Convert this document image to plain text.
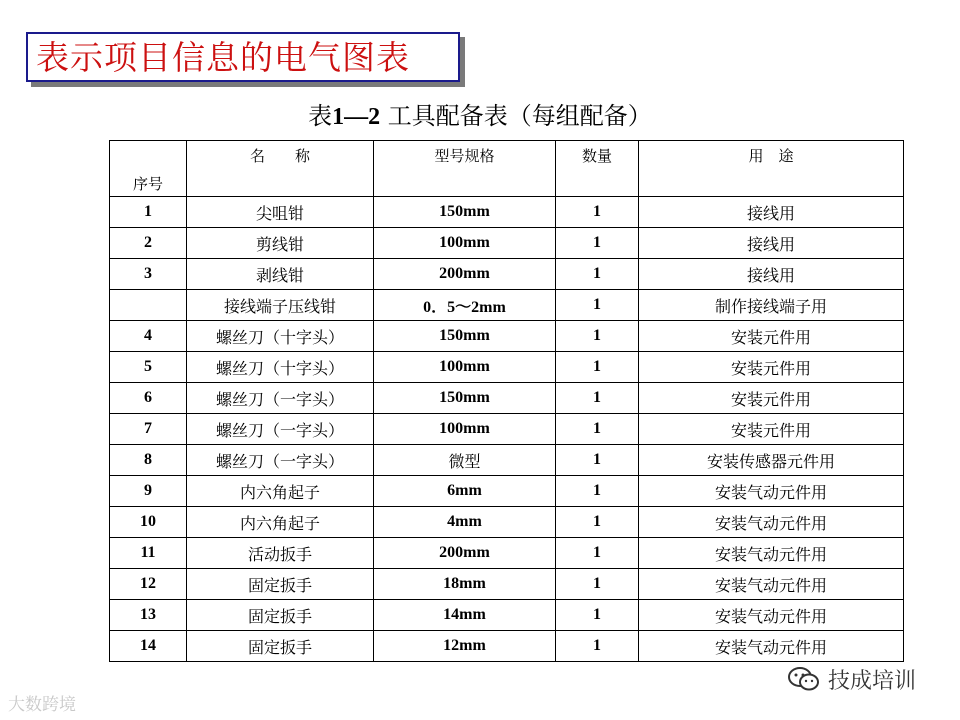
表示项目信息的电气图表
表1—2 工具配备表（每组配备）
序号	名　　称	型号规格	数量	用　途
1	尖咀钳	150mm	1	接线用
2	剪线钳	100mm	1	接线用
3	剥线钳	200mm	1	接线用
	接线端子压线钳	0．5～2mm	1	制作接线端子用
4	螺丝刀（十字头）	150mm	1	安装元件用
5	螺丝刀（十字头）	100mm	1	安装元件用
6	螺丝刀（一字头）	150mm	1	安装元件用
7	螺丝刀（一字头）	100mm	1	安装元件用
8	螺丝刀（一字头）	微型	1	安装传感器元件用
9	内六角起子	6mm	1	安装气动元件用
10	内六角起子	4mm	1	安装气动元件用
11	活动扳手	200mm	1	安装气动元件用
12	固定扳手	18mm	1	安装气动元件用
13	固定扳手	14mm	1	安装气动元件用
14	固定扳手	12mm	1	安装气动元件用
大数跨境
技成培训
